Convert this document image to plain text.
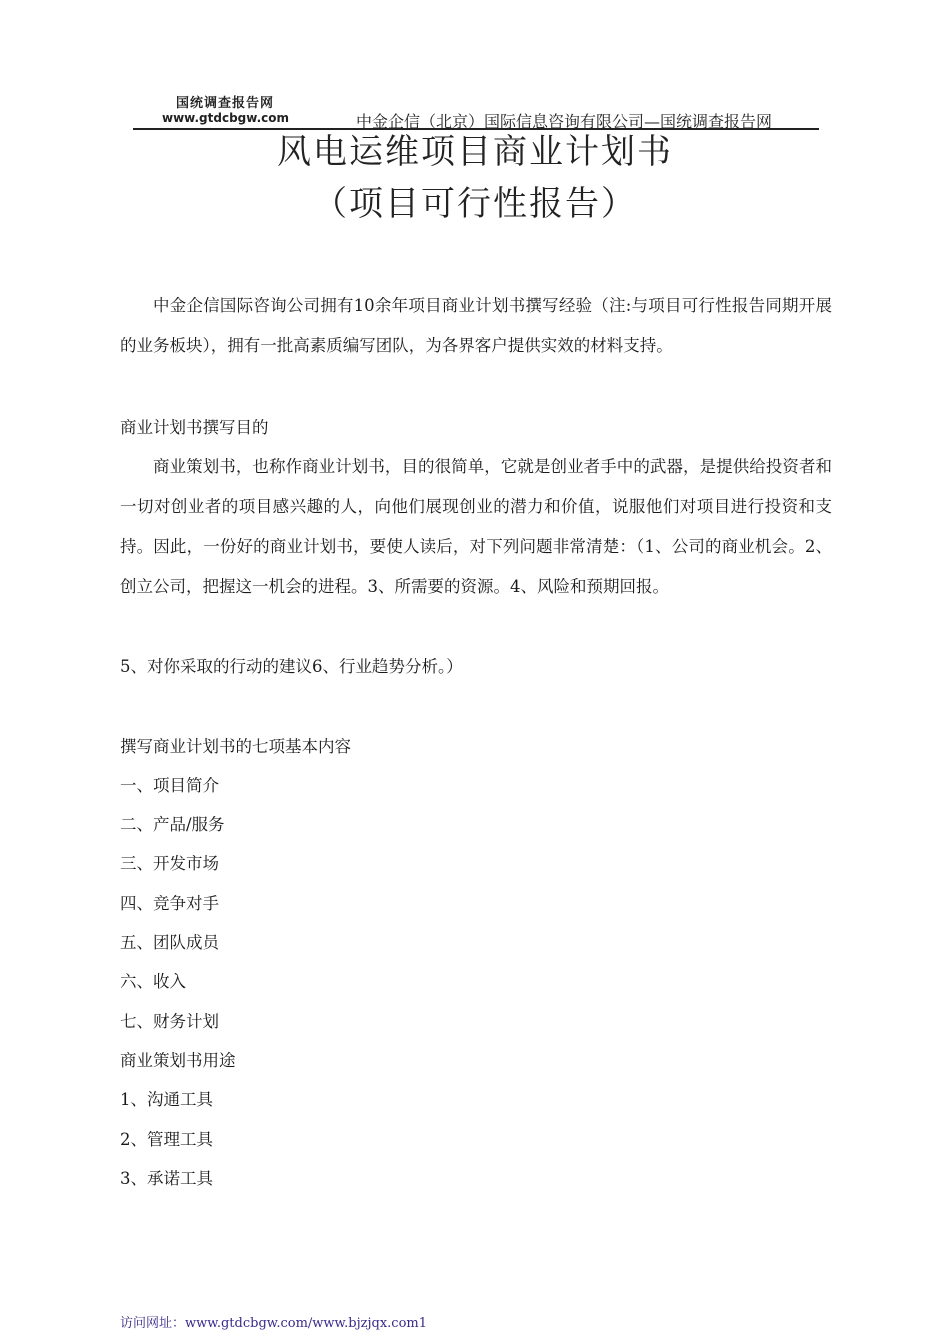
国统调查报告网
www.gtdcbgw.com	中金企信（北京）国际信息咨询有限公司—国统调查报告网
风电运维项目商业计划书
（项目可行性报告）

中金企信国际咨询公司拥有10余年项目商业计划书撰写经验（注:与项目可行性报告同期开展的业务板块），拥有一批高素质编写团队，为各界客户提供实效的材料支持。

商业计划书撰写目的

商业策划书，也称作商业计划书，目的很简单，它就是创业者手中的武器，是提供给投资者和一切对创业者的项目感兴趣的人，向他们展现创业的潜力和价值，说服他们对项目进行投资和支持。因此，一份好的商业计划书，要使人读后，对下列问题非常清楚：（1、公司的商业机会。2、创立公司，把握这一机会的进程。3、所需要的资源。4、风险和预期回报。

5、对你采取的行动的建议6、行业趋势分析。）

撰写商业计划书的七项基本内容

一、项目简介

二、产品/服务

三、开发市场

四、竞争对手

五、团队成员

六、收入

七、财务计划

商业策划书用途

1、沟通工具

2、管理工具

3、承诺工具

访问网址：www.gtdcbgw.com/www.bjzjqx.com1
